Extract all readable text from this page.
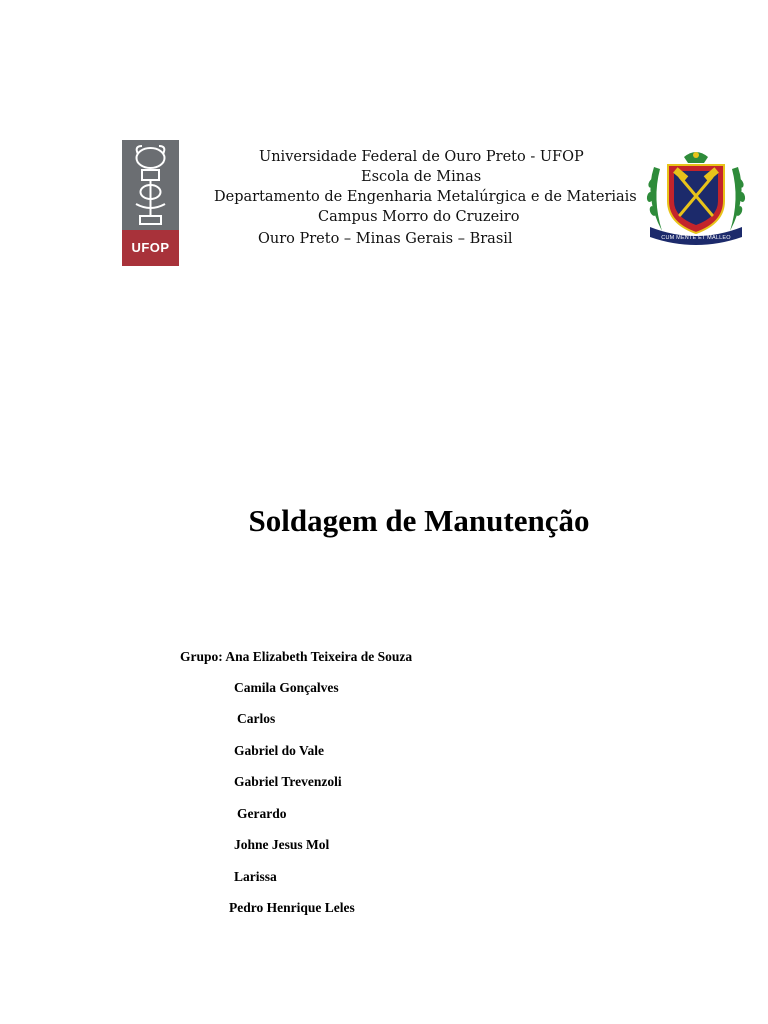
UFOP
Universidade Federal de Ouro Preto - UFOP
Escola de Minas
Departamento de Engenharia Metalúrgica e de Materiais
Campus Morro do Cruzeiro
Ouro Preto – Minas Gerais – Brasil	CUM MENTE ET MALLEO
Soldagem de Manutenção
Grupo: Ana Elizabeth Teixeira de Souza
Camila Gonçalves
Carlos
Gabriel do Vale
Gabriel Trevenzoli
Gerardo
Johne Jesus Mol
Larissa
Pedro Henrique Leles
